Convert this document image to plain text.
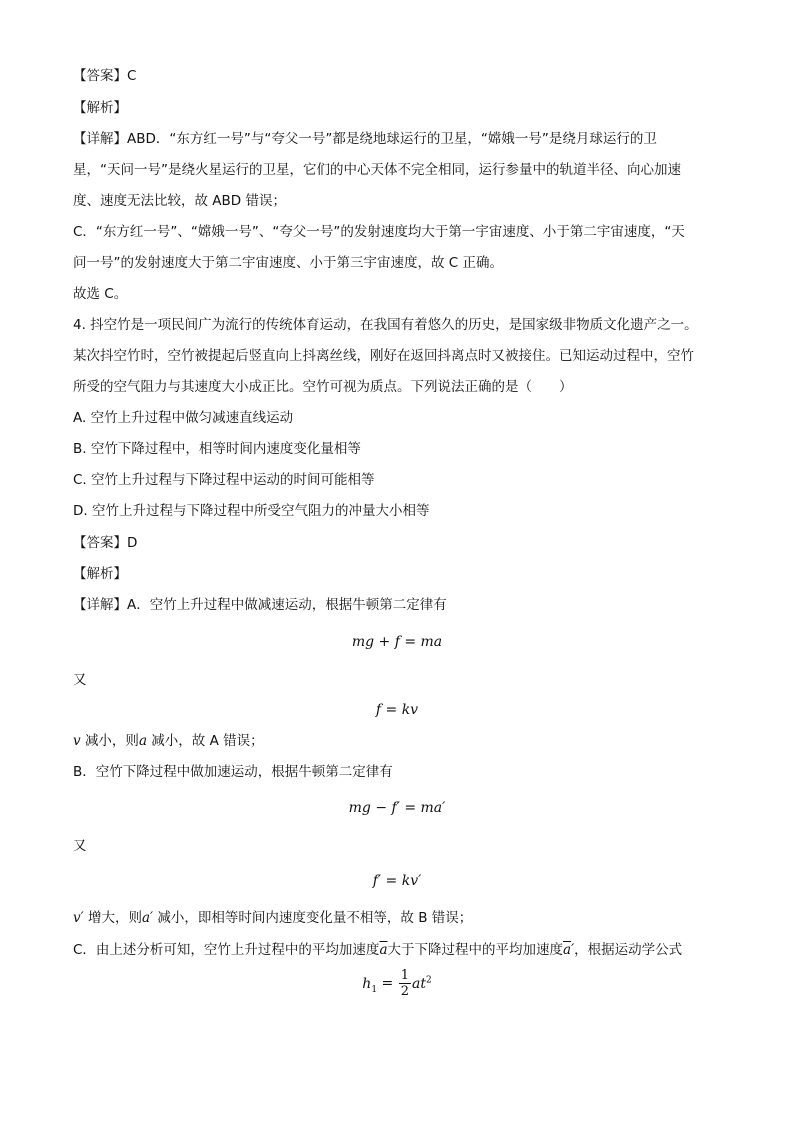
【答案】C
【解析】
【详解】ABD．“东方红一号”与“夸父一号”都是绕地球运行的卫星，“嫦娥一号”是绕月球运行的卫
星，“天问一号”是绕火星运行的卫星，它们的中心天体不完全相同，运行参量中的轨道半径、向心加速
度、速度无法比较，故 ABD 错误；
C．“东方红一号”、“嫦娥一号”、“夸父一号”的发射速度均大于第一宇宙速度、小于第二宇宙速度，“天
问一号”的发射速度大于第二宇宙速度、小于第三宇宙速度，故 C 正确。
故选 C。
4. 抖空竹是一项民间广为流行的传统体育运动，在我国有着悠久的历史，是国家级非物质文化遗产之一。
某次抖空竹时，空竹被提起后竖直向上抖离丝线，刚好在返回抖离点时又被接住。已知运动过程中，空竹
所受的空气阻力与其速度大小成正比。空竹可视为质点。下列说法正确的是（　　）
A. 空竹上升过程中做匀减速直线运动
B. 空竹下降过程中，相等时间内速度变化量相等
C. 空竹上升过程与下降过程中运动的时间可能相等
D. 空竹上升过程与下降过程中所受空气阻力的冲量大小相等
【答案】D
【解析】
【详解】A．空竹上升过程中做减速运动，根据牛顿第二定律有
mg + f = ma
又
f = kv
v 减小，则a 减小，故 A 错误；
B．空竹下降过程中做加速运动，根据牛顿第二定律有
mg − f′ = ma′
又
f′ = kv′
v′ 增大，则a′ 减小，即相等时间内速度变化量不相等，故 B 错误；
C．由上述分析可知，空竹上升过程中的平均加速度$\overline{a}$大于下降过程中的平均加速度$\overline{a}'$，根据运动学公式
$h_1 = \frac{1}{2} at^2$
